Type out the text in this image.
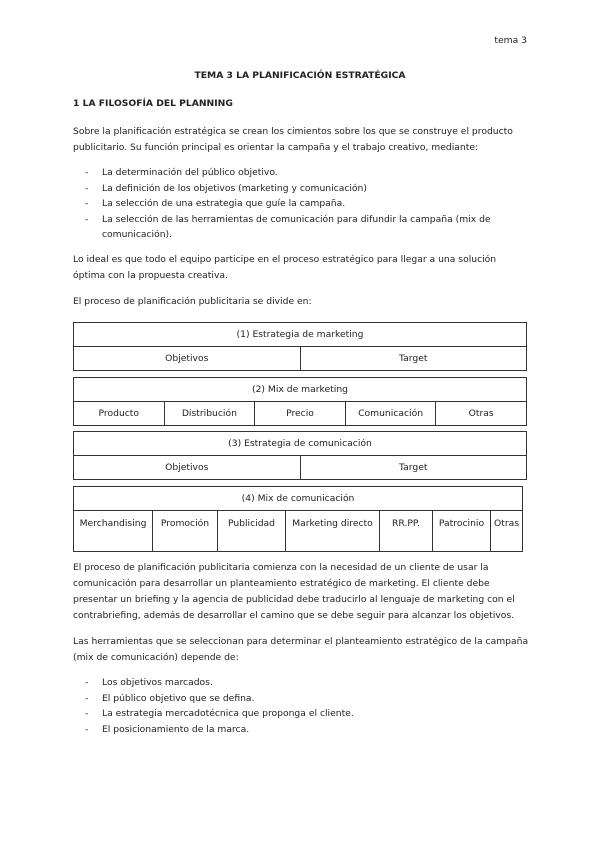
tema 3
TEMA 3 LA PLANIFICACIÓN ESTRATÉGICA
1 LA FILOSOFÍA DEL PLANNING
Sobre la planificación estratégica se crean los cimientos sobre los que se construye el producto publicitario. Su función principal es orientar la campaña y el trabajo creativo, mediante:
- La determinación del público objetivo.
- La definición de los objetivos (marketing y comunicación)
- La selección de una estrategia que guíe la campaña.
- La selección de las herramientas de comunicación para difundir la campaña (mix de comunicación).
Lo ideal es que todo el equipo participe en el proceso estratégico para llegar a una solución óptima con la propuesta creativa.
El proceso de planificación publicitaria se divide en:
(1) Estrategia de marketing
Objetivos	Target
(2) Mix de marketing
Producto	Distribución	Precio	Comunicación	Otras
(3) Estrategia de comunicación
Objetivos	Target
(4) Mix de comunicación
Merchandising	Promoción	Publicidad	Marketing directo	RR.PP.	Patrocinio	Otras
El proceso de planificación publicitaria comienza con la necesidad de un cliente de usar la comunicación para desarrollar un planteamiento estratégico de marketing. El cliente debe presentar un briefing y la agencia de publicidad debe traducirlo al lenguaje de marketing con el contrabriefing, además de desarrollar el camino que se debe seguir para alcanzar los objetivos.
Las herramientas que se seleccionan para determinar el planteamiento estratégico de la campaña (mix de comunicación) depende de:
- Los objetivos marcados.
- El público objetivo que se defina.
- La estrategia mercadotécnica que proponga el cliente.
- El posicionamiento de la marca.
